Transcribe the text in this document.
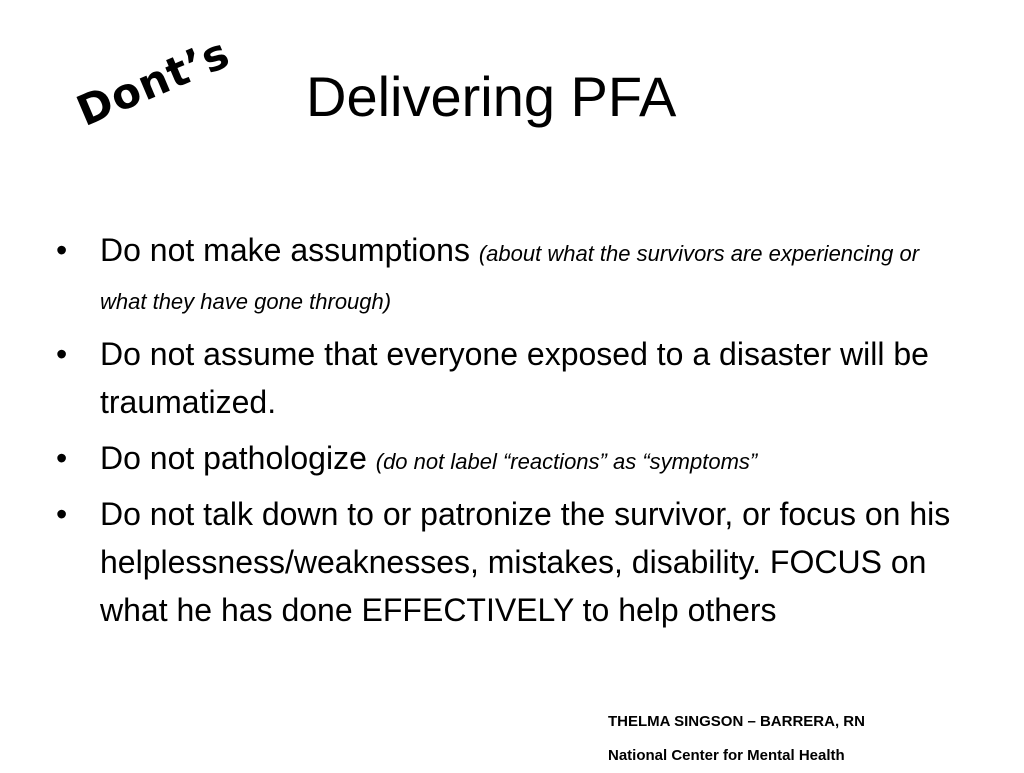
Dont’s Delivering PFA
• Do not make assumptions (about what the survivors are experiencing or what they have gone through)
• Do not assume that everyone exposed to a disaster will be traumatized.
• Do not pathologize (do not label “reactions” as “symptoms”
• Do not talk down to or patronize the survivor, or focus on his helplessness/weaknesses, mistakes, disability. FOCUS on what he has done EFFECTIVELY to help others
THELMA SINGSON – BARRERA, RN
National Center for Mental Health
